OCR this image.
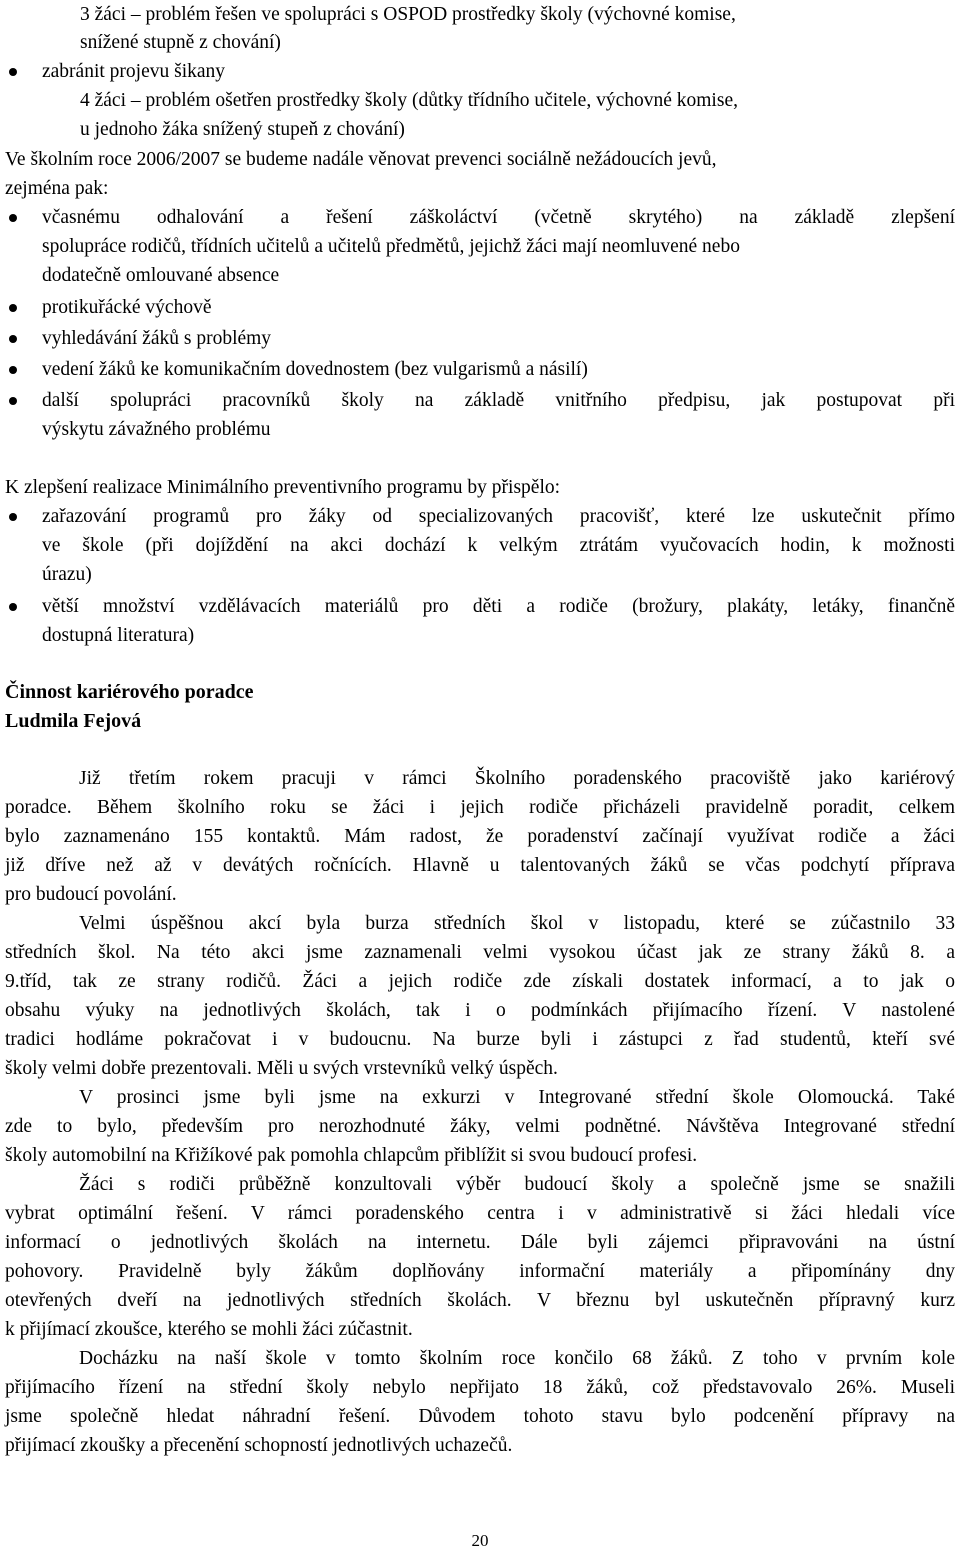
3 žáci – problém řešen ve spolupráci s OSPOD prostředky školy (výchovné komise,
snížené stupně z chování)
zabránit projevu šikany
4 žáci – problém ošetřen prostředky školy (důtky třídního učitele, výchovné komise,
u jednoho žáka snížený stupeň z chování)
Ve školním roce 2006/2007 se budeme nadále věnovat prevenci sociálně nežádoucích jevů,
zejména pak:
včasnému odhalování a řešení záškoláctví (včetně skrytého) na základě zlepšení
spolupráce rodičů, třídních učitelů a učitelů předmětů, jejichž žáci mají neomluvené nebo
dodatečně omlouvané absence
protikuřácké výchově
vyhledávání žáků s problémy
vedení žáků ke komunikačním dovednostem (bez vulgarismů a násilí)
další spolupráci pracovníků školy na základě vnitřního předpisu, jak postupovat při
výskytu závažného problému
K zlepšení realizace Minimálního preventivního programu by přispělo:
zařazování programů pro žáky od specializovaných pracovišť, které lze uskutečnit přímo
ve škole (při dojíždění na akci dochází k velkým ztrátám vyučovacích hodin, k možnosti
úrazu)
větší množství vzdělávacích materiálů pro děti a rodiče (brožury, plakáty, letáky, finančně
dostupná literatura)
Činnost kariérového poradce
Ludmila Fejová
Již třetím rokem pracuji v rámci Školního poradenského pracoviště jako kariérový
poradce. Během školního roku se žáci i jejich rodiče přicházeli pravidelně poradit, celkem
bylo zaznamenáno 155 kontaktů. Mám radost, že poradenství začínají využívat rodiče a žáci
již dříve než až v devátých ročnících. Hlavně u talentovaných žáků se včas podchytí příprava
pro budoucí povolání.
Velmi úspěšnou akcí byla burza středních škol v listopadu, které se zúčastnilo 33
středních škol. Na této akci jsme zaznamenali velmi vysokou účast jak ze strany žáků 8. a
9.tříd, tak ze strany rodičů. Žáci a jejich rodiče zde získali dostatek informací, a to jak o
obsahu výuky na jednotlivých školách, tak i o podmínkách přijímacího řízení. V nastolené
tradici hodláme pokračovat i v budoucnu. Na burze byli i zástupci z řad studentů, kteří své
školy velmi dobře prezentovali. Měli u svých vrstevníků velký úspěch.
V prosinci jsme byli jsme na exkurzi v Integrované střední škole Olomoucká. Také
zde to bylo, především pro nerozhodnuté žáky, velmi podnětné. Návštěva Integrované střední
školy automobilní na Křižíkové pak pomohla chlapcům přiblížit si svou budoucí profesi.
Žáci s rodiči průběžně konzultovali výběr budoucí školy a společně jsme se snažili
vybrat optimální řešení. V rámci poradenského centra i v administrativě si žáci hledali více
informací o jednotlivých školách na internetu. Dále byli zájemci připravováni na ústní
pohovory. Pravidelně byly žákům doplňovány informační materiály a připomínány dny
otevřených dveří na jednotlivých středních školách. V březnu byl uskutečněn přípravný kurz
k přijímací zkoušce, kterého se mohli žáci zúčastnit.
Docházku na naší škole v tomto školním roce končilo 68 žáků. Z toho v prvním kole
přijímacího řízení na střední školy nebylo nepřijato 18 žáků, což představovalo 26%. Museli
jsme společně hledat náhradní řešení. Důvodem tohoto stavu bylo podcenění přípravy na
přijímací zkoušky a přecenění schopností jednotlivých uchazečů.
20
